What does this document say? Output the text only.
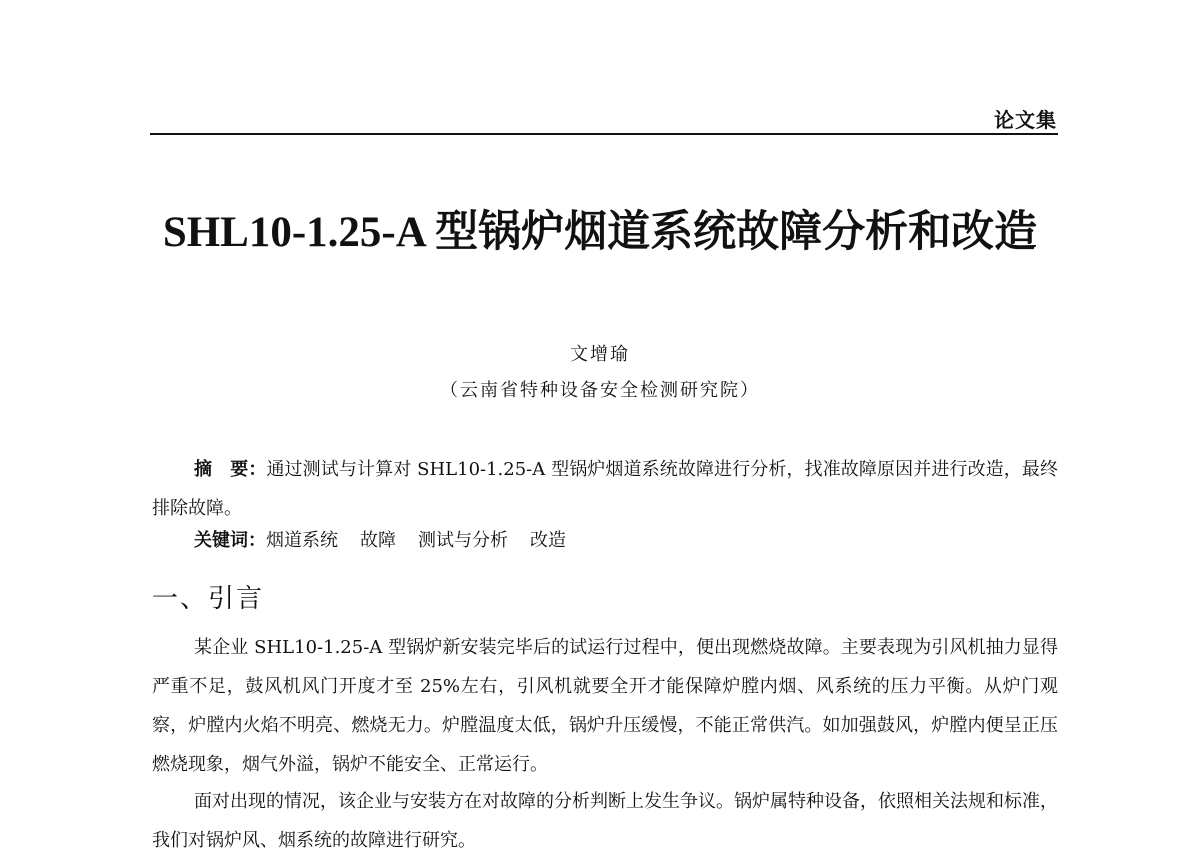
论文集
SHL10-1.25-A 型锅炉烟道系统故障分析和改造
文增瑜
（云南省特种设备安全检测研究院）
摘　要：通过测试与计算对 SHL10-1.25-A 型锅炉烟道系统故障进行分析，找准故障原因并进行改造，最终排除故障。
关键词：烟道系统 故障 测试与分析 改造
一、引言
某企业 SHL10-1.25-A 型锅炉新安装完毕后的试运行过程中，便出现燃烧故障。主要表现为引风机抽力显得严重不足，鼓风机风门开度才至 25%左右，引风机就要全开才能保障炉膛内烟、风系统的压力平衡。从炉门观察，炉膛内火焰不明亮、燃烧无力。炉膛温度太低，锅炉升压缓慢，不能正常供汽。如加强鼓风，炉膛内便呈正压燃烧现象，烟气外溢，锅炉不能安全、正常运行。
面对出现的情况，该企业与安装方在对故障的分析判断上发生争议。锅炉属特种设备，依照相关法规和标准，我们对锅炉风、烟系统的故障进行研究。
